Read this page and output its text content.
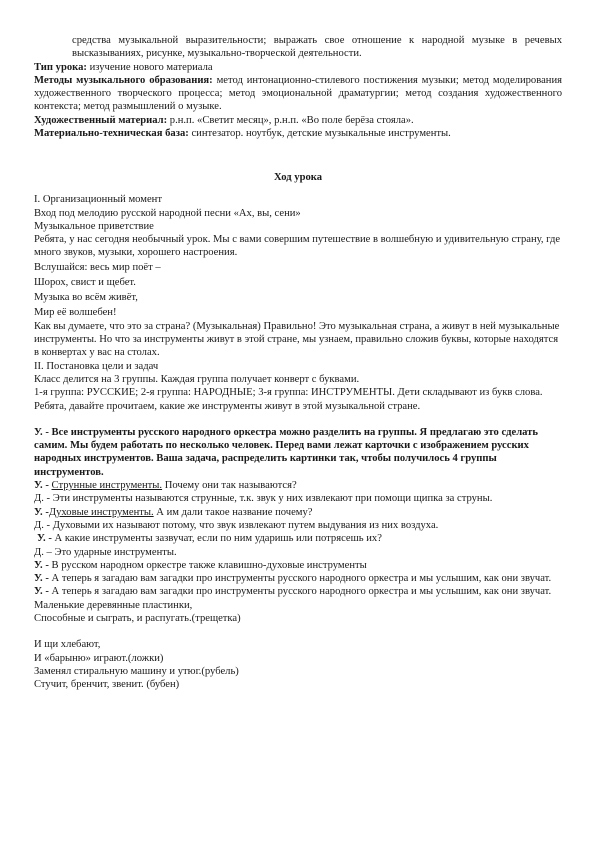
средства музыкальной выразительности; выражать свое отношение к народной музыке в речевых высказываниях, рисунке, музыкально-творческой деятельности.

Тип урока: изучение нового материала

Методы музыкального образования: метод интонационно-стилевого постижения музыки; метод моделирования художественного творческого процесса; метод эмоциональной драматургии; метод создания художественного контекста; метод размышлений о музыке.

Художественный материал: р.н.п. «Светит месяц», р.н.п. «Во поле берёза стояла».

Материально-техническая база: синтезатор. ноутбук, детские музыкальные инструменты.

Ход урока

I. Организационный момент

Вход под мелодию русской народной песни «Ах, вы, сени»

Музыкальное приветствие

Ребята, у нас сегодня необычный урок. Мы с вами совершим путешествие в волшебную и удивительную страну, где много звуков, музыки, хорошего настроения.

Вслушайся: весь мир поёт –

Шорох, свист и щебет.

Музыка во всём живёт,

Мир её волшебен!

Как вы думаете, что это за страна? (Музыкальная) Правильно! Это музыкальная страна, а живут в ней музыкальные инструменты. Но что за инструменты живут в этой стране, мы узнаем, правильно сложив буквы, которые находятся в конвертах у вас на столах.

II. Постановка цели и задач

Класс делится на 3 группы. Каждая группа получает конверт с буквами.

1-я группа: РУССКИЕ; 2-я группа: НАРОДНЫЕ; 3-я группа: ИНСТРУМЕНТЫ. Дети складывают из букв слова.

Ребята, давайте прочитаем, какие же инструменты живут в этой музыкальной стране.

У. - Все инструменты русского народного оркестра можно разделить на группы. Я предлагаю это сделать самим. Мы будем работать по несколько человек. Перед вами лежат карточки с изображением русских народных инструментов. Ваша задача, распределить картинки так, чтобы получилось 4 группы инструментов.

У. - Струнные инструменты. Почему они так называются?

Д. - Эти инструменты называются струнные, т.к. звук у них извлекают при помощи щипка за струны.

У. -Духовые инструменты. А им дали такое название почему?

Д. - Духовыми их называют потому, что звук извлекают путем выдувания из них воздуха.

У. - А какие инструменты зазвучат, если по ним ударишь или потрясешь их?

Д. – Это ударные инструменты.

У. - В русском народном оркестре также клавишно-духовые инструменты

У. - А теперь я загадаю вам загадки про инструменты русского народного оркестра и мы услышим, как они звучат.

У. - А теперь я загадаю вам загадки про инструменты русского народного оркестра и мы услышим, как они звучат.

Маленькие деревянные пластинки,

Способные и сыграть, и распугать.(трещетка)

И щи хлебают,

И «барыню» играют.(ложки)

Заменял стиральную машину и утюг.(рубель)

Стучит, бренчит, звенит. (бубен)
